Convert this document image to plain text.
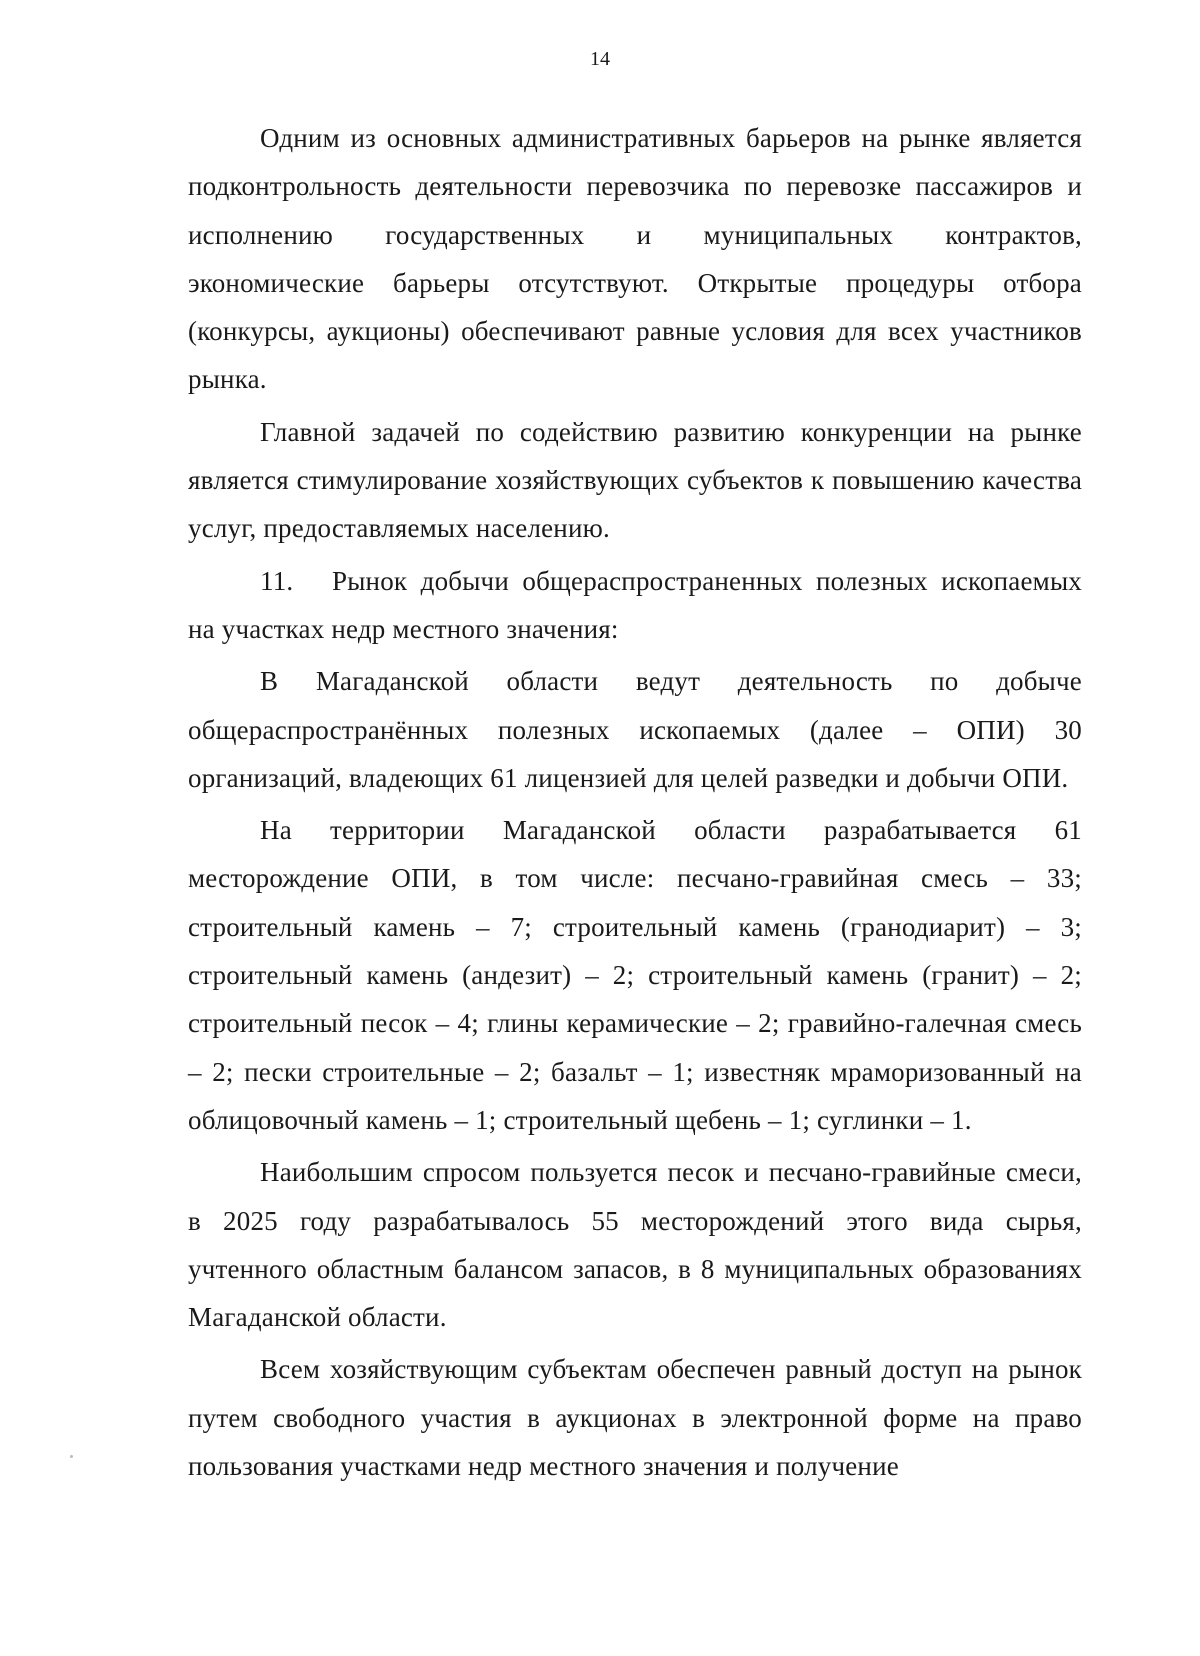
14

Одним из основных административных барьеров на рынке является подконтрольность деятельности перевозчика по перевозке пассажиров и исполнению государственных и муниципальных контрактов, экономические барьеры отсутствуют. Открытые процедуры отбора (конкурсы, аукционы) обеспечивают равные условия для всех участников рынка.

Главной задачей по содействию развитию конкуренции на рынке является стимулирование хозяйствующих субъектов к повышению качества услуг, предоставляемых населению.

11. Рынок добычи общераспространенных полезных ископаемых на участках недр местного значения:

В Магаданской области ведут деятельность по добыче общераспространённых полезных ископаемых (далее – ОПИ) 30 организаций, владеющих 61 лицензией для целей разведки и добычи ОПИ.

На территории Магаданской области разрабатывается 61 месторождение ОПИ, в том числе: песчано-гравийная смесь – 33; строительный камень – 7; строительный камень (гранодиарит) – 3; строительный камень (андезит) – 2; строительный камень (гранит) – 2; строительный песок – 4; глины керамические – 2; гравийно-галечная смесь – 2; пески строительные – 2; базальт – 1; известняк мраморизованный на облицовочный камень – 1; строительный щебень – 1; суглинки – 1.

Наибольшим спросом пользуется песок и песчано-гравийные смеси, в 2025 году разрабатывалось 55 месторождений этого вида сырья, учтенного областным балансом запасов, в 8 муниципальных образованиях Магаданской области.

Всем хозяйствующим субъектам обеспечен равный доступ на рынок путем свободного участия в аукционах в электронной форме на право пользования участками недр местного значения и получение
